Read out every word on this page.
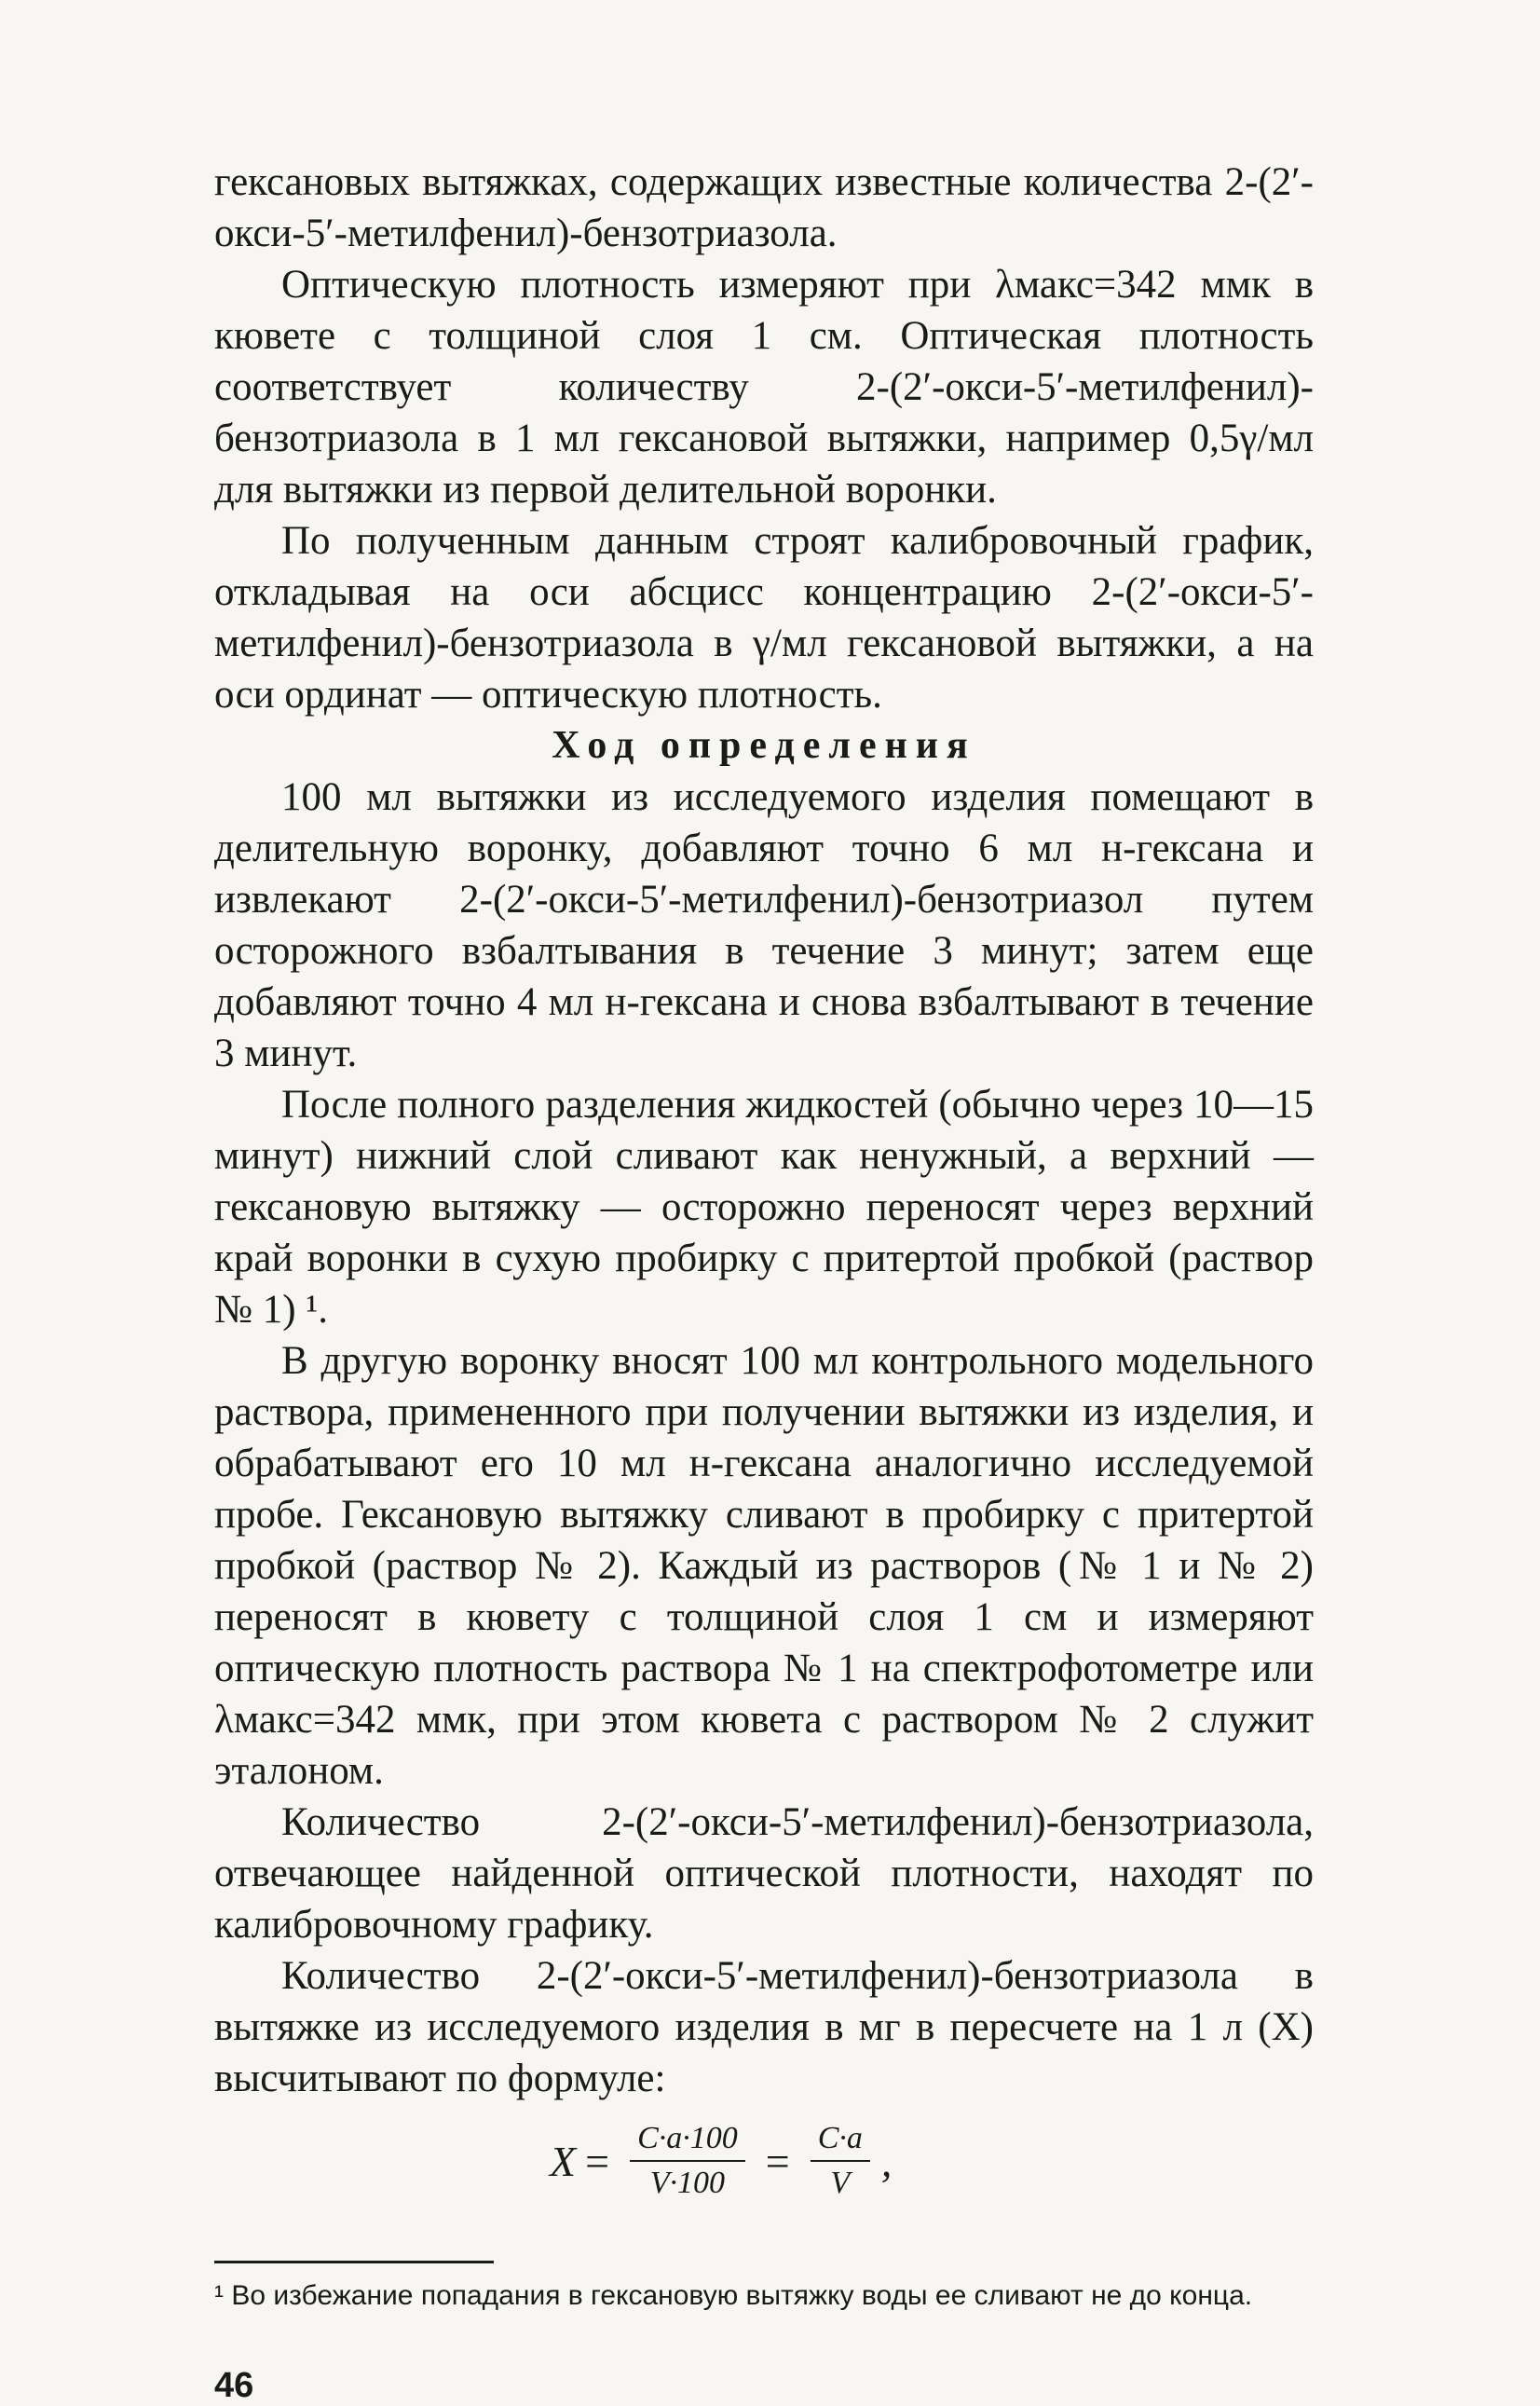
гексановых вытяжках, содержащих известные количества 2-(2′-окси-5′-метилфенил)-бензотриазола.

Оптическую плотность измеряют при λмакс=342 ммк в кювете с толщиной слоя 1 см. Оптическая плотность соответствует количеству 2-(2′-окси-5′-метилфенил)-бензотриазола в 1 мл гексановой вытяжки, например 0,5γ/мл для вытяжки из первой делительной воронки.

По полученным данным строят калибровочный график, откладывая на оси абсцисс концентрацию 2-(2′-окси-5′-метилфенил)-бензотриазола в γ/мл гексановой вытяжки, а на оси ординат — оптическую плотность.

Ход определения

100 мл вытяжки из исследуемого изделия помещают в делительную воронку, добавляют точно 6 мл н-гексана и извлекают 2-(2′-окси-5′-метилфенил)-бензотриазол путем осторожного взбалтывания в течение 3 минут; затем еще добавляют точно 4 мл н-гексана и снова взбалтывают в течение 3 минут.

После полного разделения жидкостей (обычно через 10—15 минут) нижний слой сливают как ненужный, а верхний — гексановую вытяжку — осторожно переносят через верхний край воронки в сухую пробирку с притертой пробкой (раствор № 1) ¹.

В другую воронку вносят 100 мл контрольного модельного раствора, примененного при получении вытяжки из изделия, и обрабатывают его 10 мл н-гексана аналогично исследуемой пробе. Гексановую вытяжку сливают в пробирку с притертой пробкой (раствор № 2). Каждый из растворов (№ 1 и № 2) переносят в кювету с толщиной слоя 1 см и измеряют оптическую плотность раствора № 1 на спектрофотометре или λмакс=342 ммк, при этом кювета с раствором № 2 служит эталоном.

Количество 2-(2′-окси-5′-метилфенил)-бензотриазола, отвечающее найденной оптической плотности, находят по калибровочному графику.

Количество 2-(2′-окси-5′-метилфенил)-бензотриазола в вытяжке из исследуемого изделия в мг в пересчете на 1 л (X) высчитывают по формуле:

$X = \frac{C\cdot a\cdot 100}{V\cdot 100} = \frac{C\cdot a}{V}$ ,

¹ Во избежание попадания в гексановую вытяжку воды ее сливают не до конца.

46
